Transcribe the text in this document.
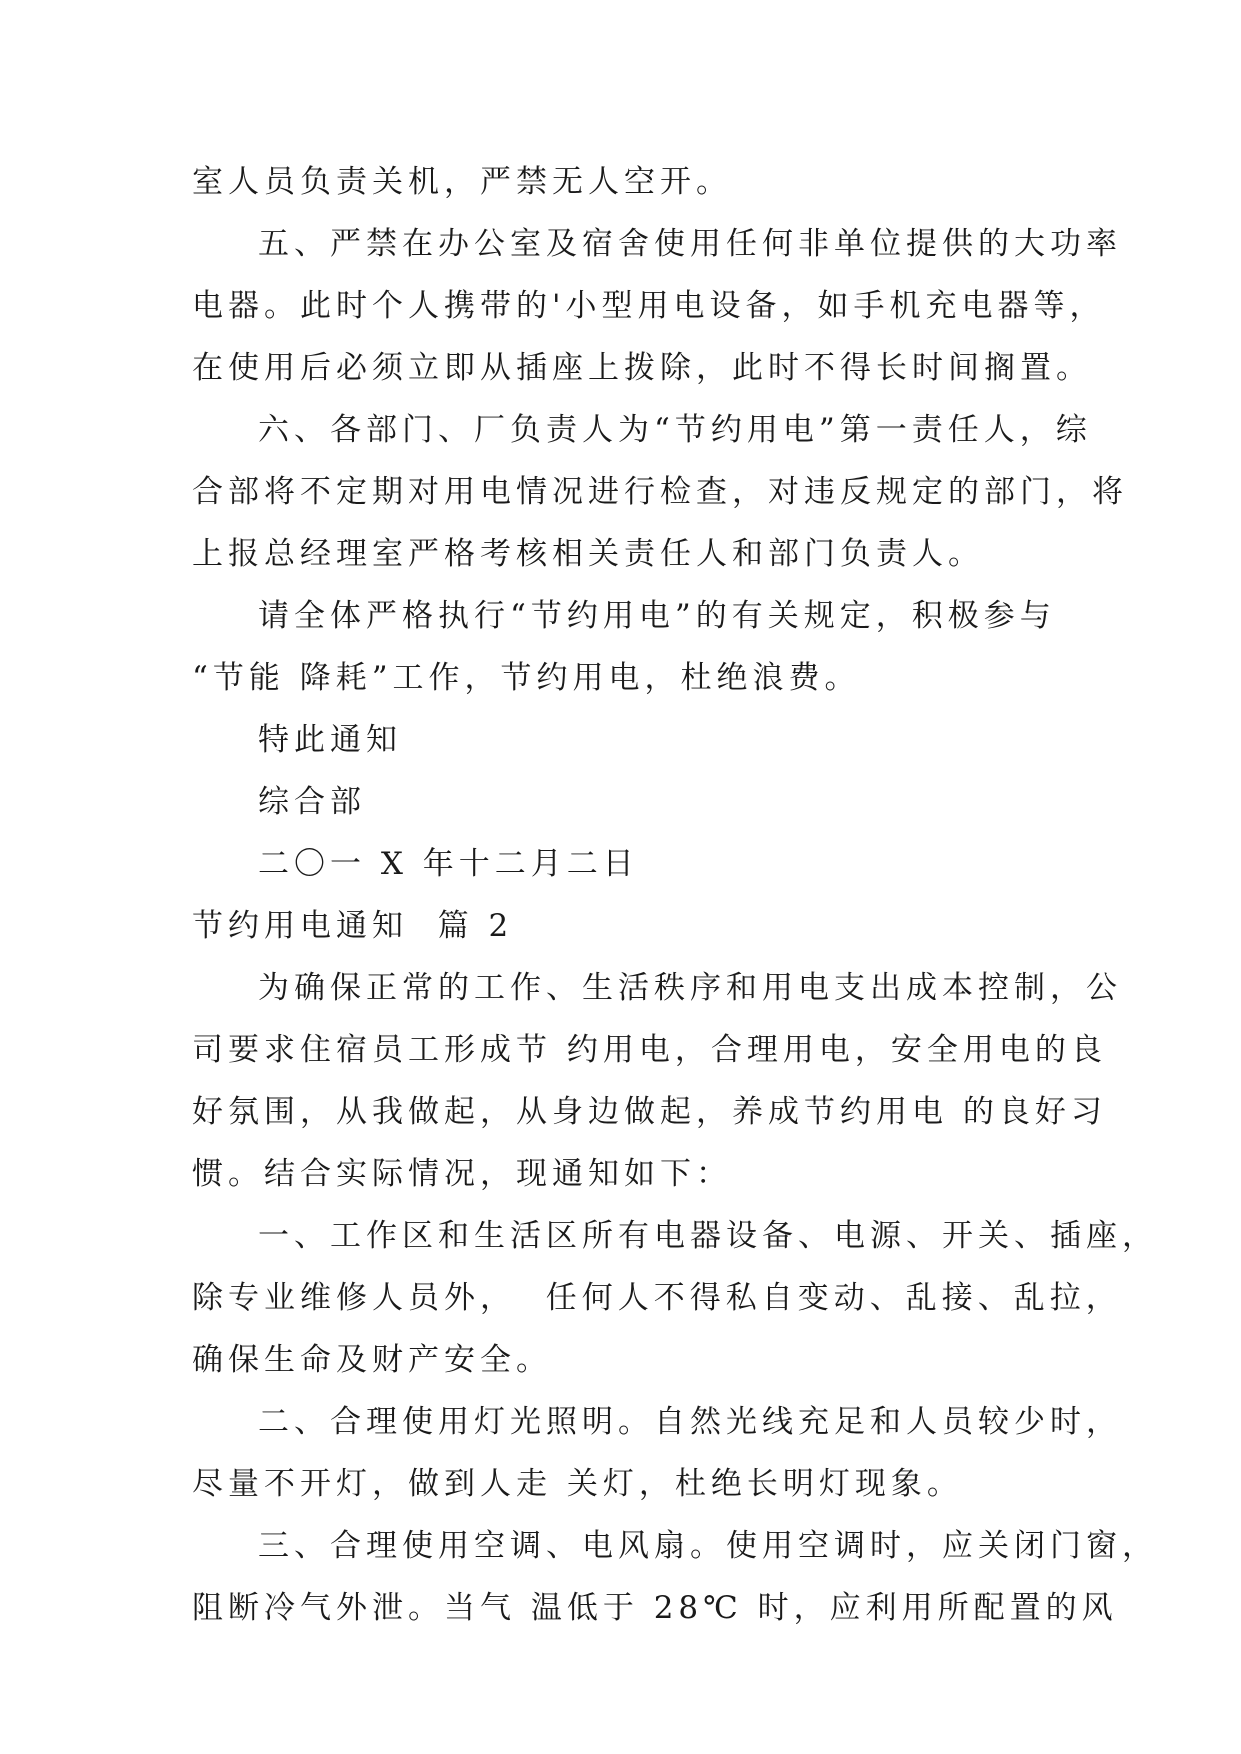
室人员负责关机，严禁无人空开。

五、严禁在办公室及宿舍使用任何非单位提供的大功率

电器。此时个人携带的'小型用电设备，如手机充电器等，

在使用后必须立即从插座上拨除，此时不得长时间搁置。

六、各部门、厂负责人为“节约用电”第一责任人，综

合部将不定期对用电情况进行检查，对违反规定的部门，将

上报总经理室严格考核相关责任人和部门负责人。

请全体严格执行“节约用电”的有关规定，积极参与

“节能 降耗”工作，节约用电，杜绝浪费。

特此通知

综合部

二〇一 X 年十二月二日

节约用电通知  篇 2

为确保正常的工作、生活秩序和用电支出成本控制，公

司要求住宿员工形成节 约用电，合理用电，安全用电的良

好氛围，从我做起，从身边做起，养成节约用电 的良好习

惯。结合实际情况，现通知如下：

一、工作区和生活区所有电器设备、电源、开关、插座，

除专业维修人员外，  任何人不得私自变动、乱接、乱拉，

确保生命及财产安全。

二、合理使用灯光照明。自然光线充足和人员较少时，

尽量不开灯，做到人走 关灯，杜绝长明灯现象。

三、合理使用空调、电风扇。使用空调时，应关闭门窗，

阻断冷气外泄。当气 温低于 28℃ 时，应利用所配置的风
